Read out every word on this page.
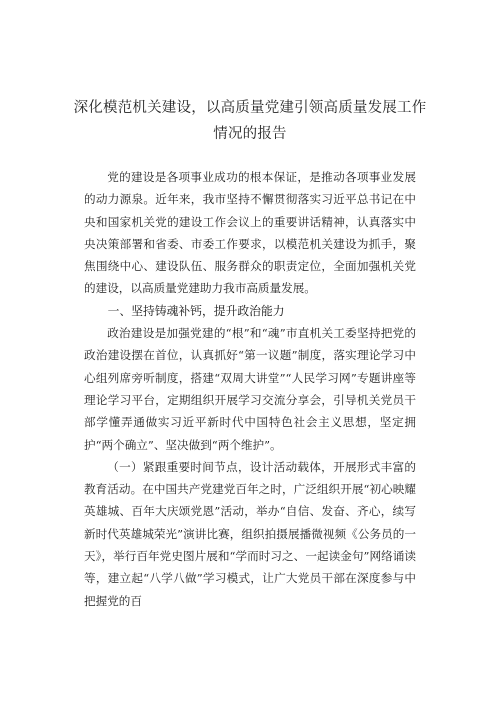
深化模范机关建设，以高质量党建引领高质量发展工作
情况的报告

党的建设是各项事业成功的根本保证，是推动各项事业发展的动力源泉。近年来，我市坚持不懈贯彻落实习近平总书记在中央和国家机关党的建设工作会议上的重要讲话精神，认真落实中央决策部署和省委、市委工作要求，以模范机关建设为抓手，聚焦围绕中心、建设队伍、服务群众的职责定位，全面加强机关党的建设，以高质量党建助力我市高质量发展。

一、坚持铸魂补钙，提升政治能力

政治建设是加强党建的“根”和“魂”市直机关工委坚持把党的政治建设摆在首位，认真抓好“第一议题”制度，落实理论学习中心组列席旁听制度，搭建“双周大讲堂”“人民学习网”专题讲座等理论学习平台，定期组织开展学习交流分享会，引导机关党员干部学懂弄通做实习近平新时代中国特色社会主义思想，坚定拥护“两个确立”、坚决做到“两个维护”。

（一）紧跟重要时间节点，设计活动载体，开展形式丰富的教育活动。在中国共产党建党百年之时，广泛组织开展“初心映耀英雄城、百年大庆颂党恩”活动，举办“自信、发奋、齐心，续写新时代英雄城荣光”演讲比赛，组织拍摄展播微视频《公务员的一天》，举行百年党史图片展和“学而时习之、一起读金句”网络诵读等，建立起“八学八做”学习模式，让广大党员干部在深度参与中把握党的百
